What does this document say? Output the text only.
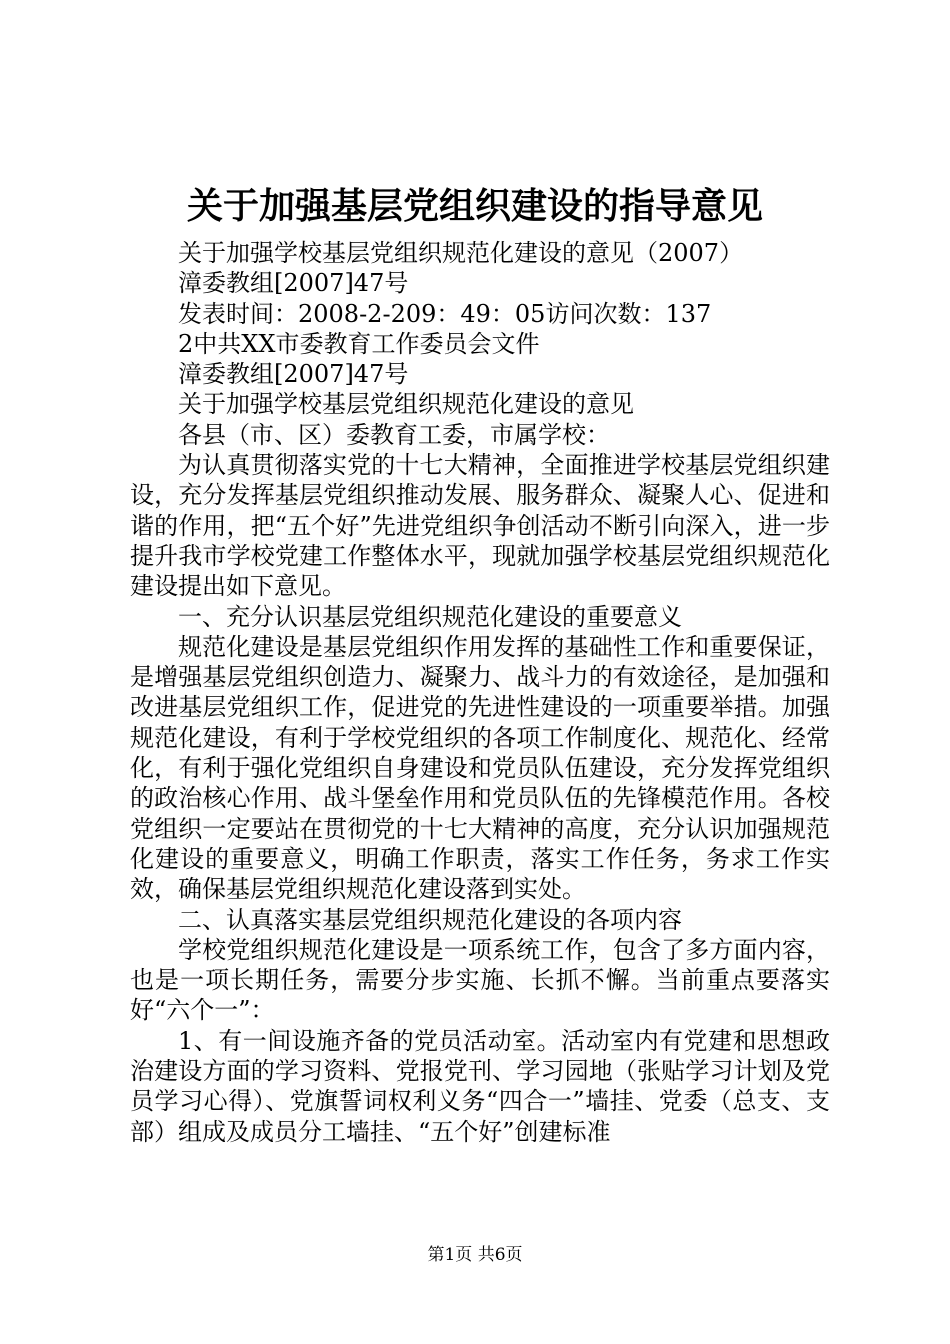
关于加强基层党组织建设的指导意见

关于加强学校基层党组织规范化建设的意见（2007）

漳委教组[2007]47号

发表时间：2008-2-209：49：05访问次数：137

2中共XX市委教育工作委员会文件

漳委教组[2007]47号

关于加强学校基层党组织规范化建设的意见

各县（市、区）委教育工委，市属学校：

为认真贯彻落实党的十七大精神，全面推进学校基层党组织建设，充分发挥基层党组织推动发展、服务群众、凝聚人心、促进和谐的作用，把“五个好”先进党组织争创活动不断引向深入，进一步提升我市学校党建工作整体水平，现就加强学校基层党组织规范化建设提出如下意见。

一、充分认识基层党组织规范化建设的重要意义

规范化建设是基层党组织作用发挥的基础性工作和重要保证，是增强基层党组织创造力、凝聚力、战斗力的有效途径，是加强和改进基层党组织工作，促进党的先进性建设的一项重要举措。加强规范化建设，有利于学校党组织的各项工作制度化、规范化、经常化，有利于强化党组织自身建设和党员队伍建设，充分发挥党组织的政治核心作用、战斗堡垒作用和党员队伍的先锋模范作用。各校党组织一定要站在贯彻党的十七大精神的高度，充分认识加强规范化建设的重要意义，明确工作职责，落实工作任务，务求工作实效，确保基层党组织规范化建设落到实处。

二、认真落实基层党组织规范化建设的各项内容

学校党组织规范化建设是一项系统工作，包含了多方面内容，也是一项长期任务，需要分步实施、长抓不懈。当前重点要落实好“六个一”：

1、有一间设施齐备的党员活动室。活动室内有党建和思想政治建设方面的学习资料、党报党刊、学习园地（张贴学习计划及党员学习心得）、党旗誓词权利义务“四合一”墙挂、党委（总支、支部）组成及成员分工墙挂、“五个好”创建标准

第1页 共6页
